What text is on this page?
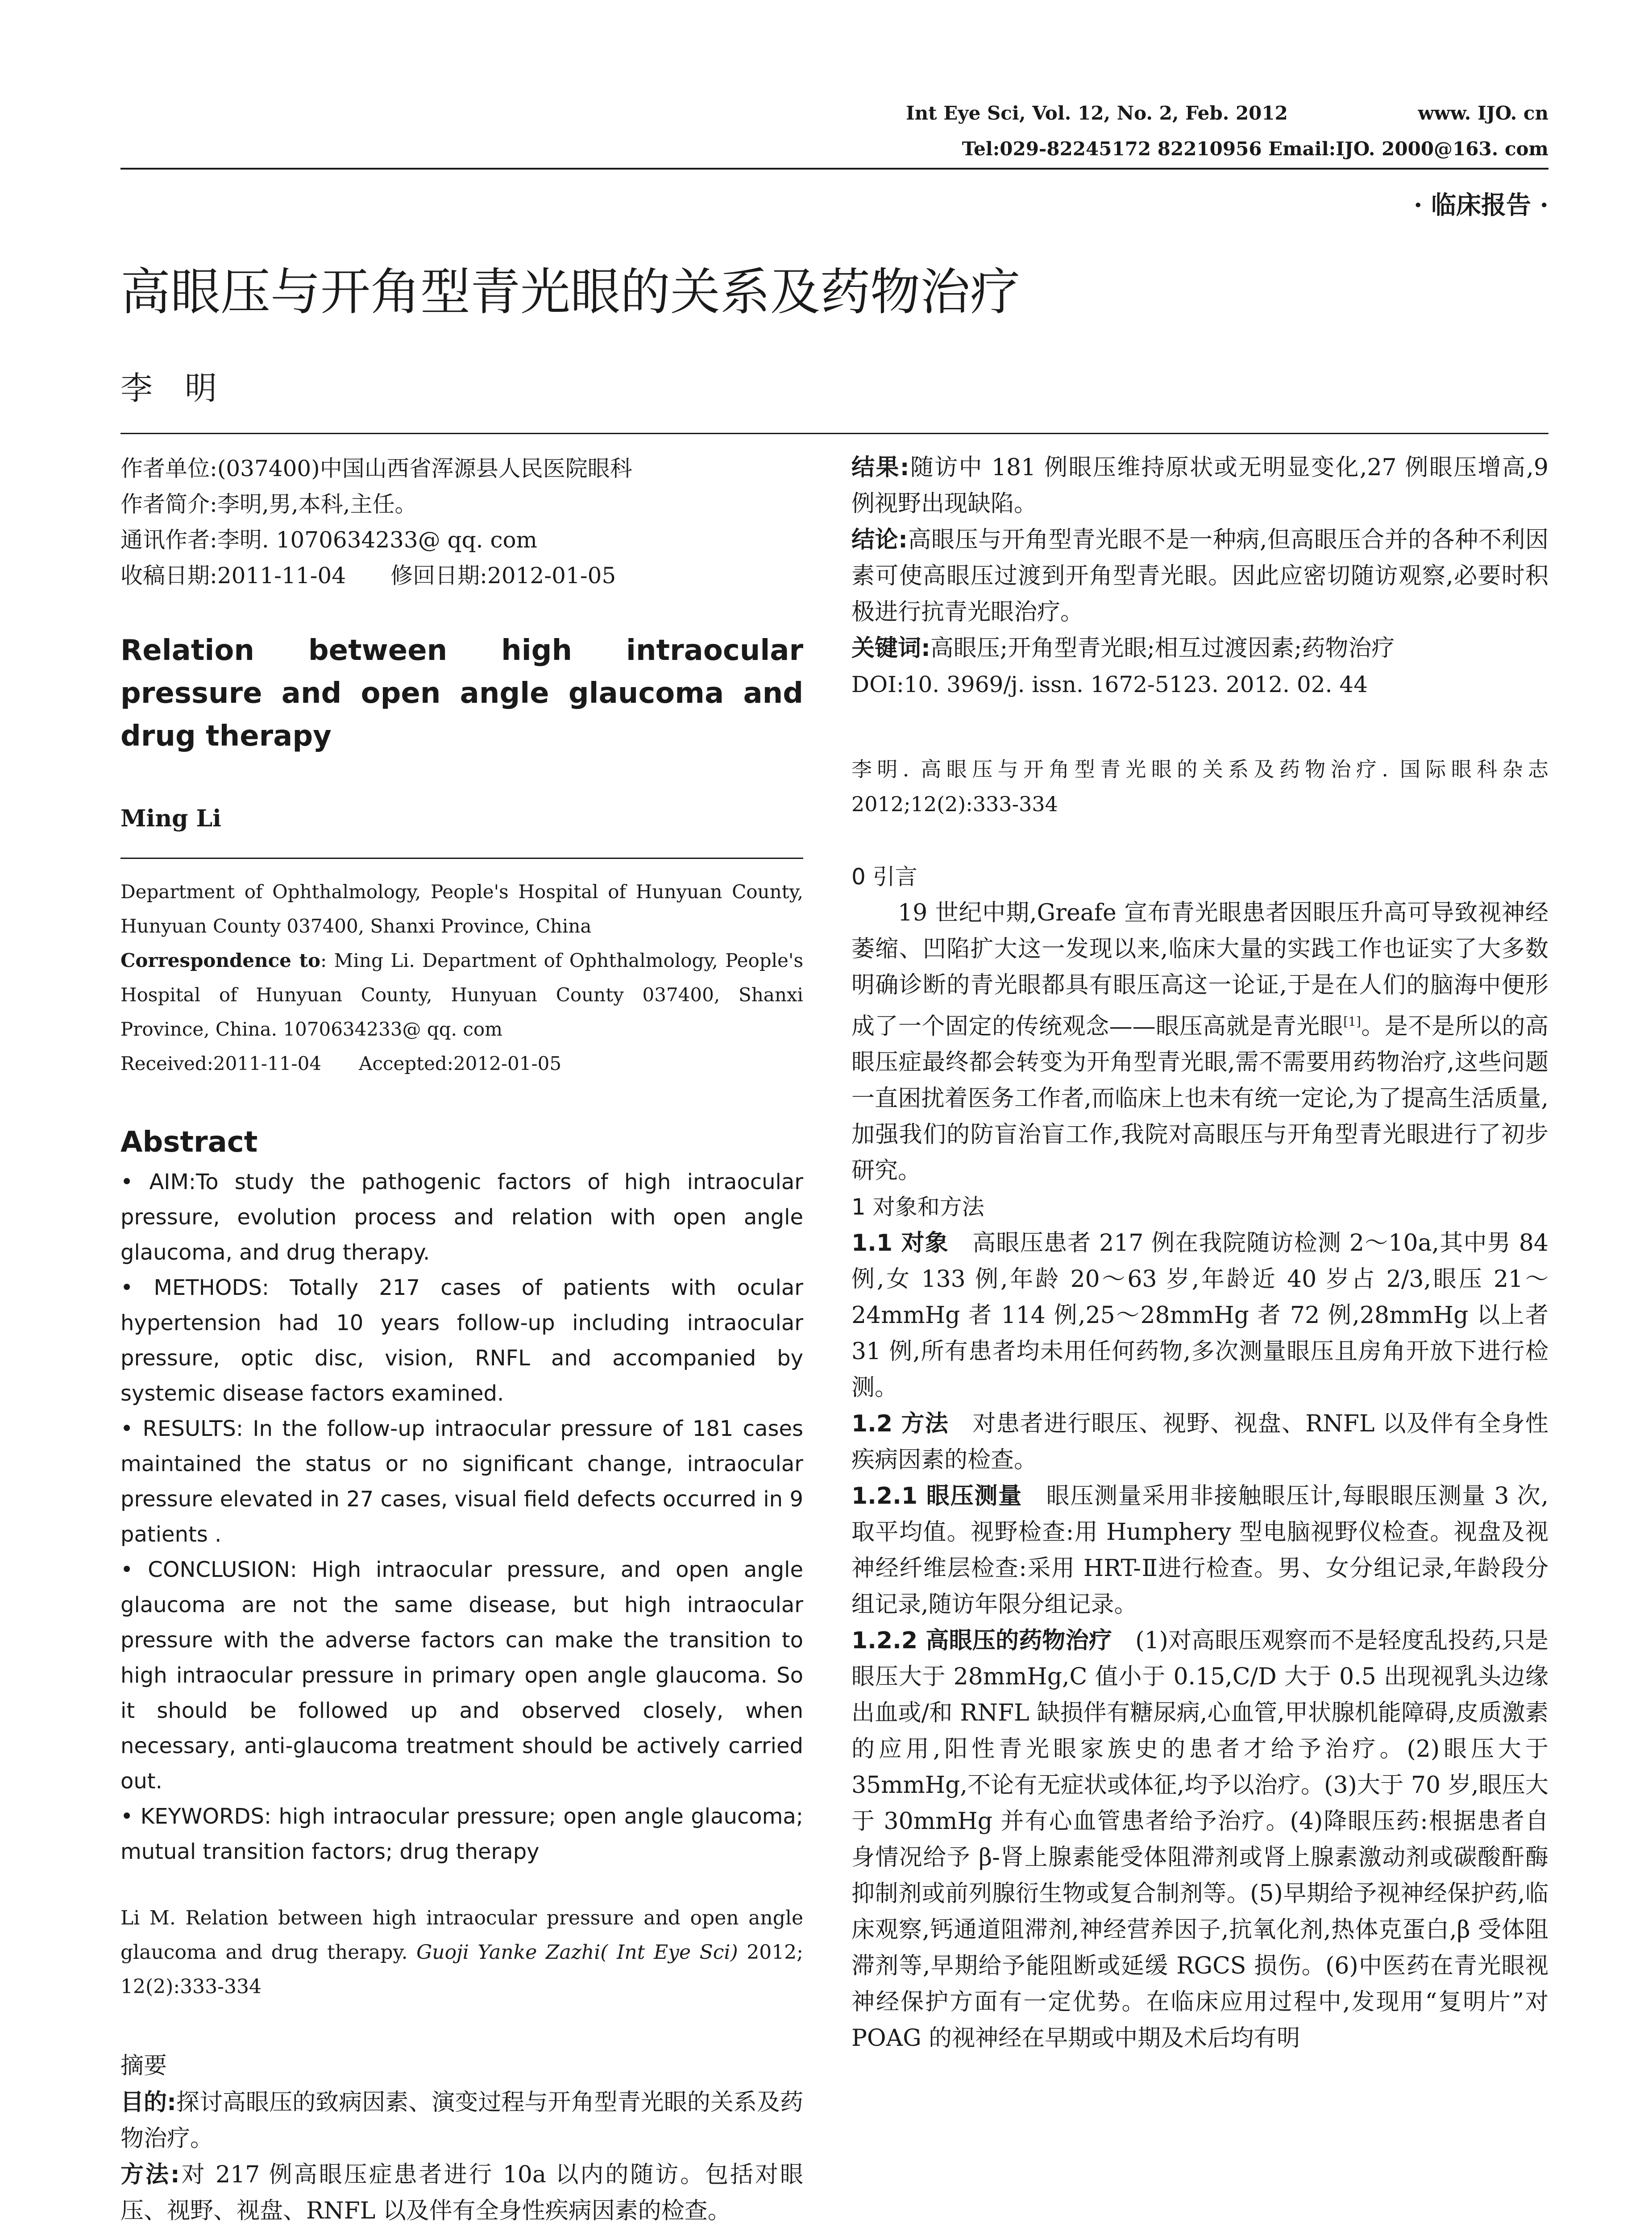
Int Eye Sci, Vol. 12, No. 2, Feb. 2012	www. IJO. cn
Tel:029-82245172 82210956 Email:IJO. 2000@163. com
· 临床报告 ·
高眼压与开角型青光眼的关系及药物治疗
李　明

作者单位:(037400)中国山西省浑源县人民医院眼科

作者简介:李明,男,本科,主任。

通讯作者:李明. 1070634233@ qq. com

收稿日期:2011-11-04　　修回日期:2012-01-05

Relation between high intraocular pressure and open angle glaucoma and drug therapy
Ming Li

Department of Ophthalmology, People's Hospital of Hunyuan County, Hunyuan County 037400, Shanxi Province, China

Correspondence to: Ming Li. Department of Ophthalmology, People's Hospital of Hunyuan County, Hunyuan County 037400, Shanxi Province, China. 1070634233@ qq. com

Received:2011-11-04　　Accepted:2012-01-05

Abstract

• AIM:To study the pathogenic factors of high intraocular pressure, evolution process and relation with open angle glaucoma, and drug therapy.

• METHODS: Totally 217 cases of patients with ocular hypertension had 10 years follow-up including intraocular pressure, optic disc, vision, RNFL and accompanied by systemic disease factors examined.

• RESULTS: In the follow-up intraocular pressure of 181 cases maintained the status or no significant change, intraocular pressure elevated in 27 cases, visual field defects occurred in 9 patients .

• CONCLUSION: High intraocular pressure, and open angle glaucoma are not the same disease, but high intraocular pressure with the adverse factors can make the transition to high intraocular pressure in primary open angle glaucoma. So it should be followed up and observed closely, when necessary, anti-glaucoma treatment should be actively carried out.

• KEYWORDS: high intraocular pressure; open angle glaucoma; mutual transition factors; drug therapy

Li M. Relation between high intraocular pressure and open angle glaucoma and drug therapy. Guoji Yanke Zazhi( Int Eye Sci) 2012; 12(2):333-334
摘要

目的:探讨高眼压的致病因素、演变过程与开角型青光眼的关系及药物治疗。

方法:对 217 例高眼压症患者进行 10a 以内的随访。包括对眼压、视野、视盘、RNFL 以及伴有全身性疾病因素的检查。

结果:随访中 181 例眼压维持原状或无明显变化,27 例眼压增高,9 例视野出现缺陷。

结论:高眼压与开角型青光眼不是一种病,但高眼压合并的各种不利因素可使高眼压过渡到开角型青光眼。因此应密切随访观察,必要时积极进行抗青光眼治疗。

关键词:高眼压;开角型青光眼;相互过渡因素;药物治疗

DOI:10. 3969/j. issn. 1672-5123. 2012. 02. 44

李明. 高眼压与开角型青光眼的关系及药物治疗. 国际眼科杂志 2012;12(2):333-334

0 引言

19 世纪中期,Greafe 宣布青光眼患者因眼压升高可导致视神经萎缩、凹陷扩大这一发现以来,临床大量的实践工作也证实了大多数明确诊断的青光眼都具有眼压高这一论证,于是在人们的脑海中便形成了一个固定的传统观念——眼压高就是青光眼[1]。是不是所以的高眼压症最终都会转变为开角型青光眼,需不需要用药物治疗,这些问题一直困扰着医务工作者,而临床上也未有统一定论,为了提高生活质量,加强我们的防盲治盲工作,我院对高眼压与开角型青光眼进行了初步研究。

1 对象和方法

1.1 对象　高眼压患者 217 例在我院随访检测 2～10a,其中男 84 例,女 133 例,年龄 20～63 岁,年龄近 40 岁占 2/3,眼压 21～24mmHg 者 114 例,25～28mmHg 者 72 例,28mmHg 以上者 31 例,所有患者均未用任何药物,多次测量眼压且房角开放下进行检测。

1.2 方法　对患者进行眼压、视野、视盘、RNFL 以及伴有全身性疾病因素的检查。

1.2.1 眼压测量　眼压测量采用非接触眼压计,每眼眼压测量 3 次,取平均值。视野检查:用 Humphery 型电脑视野仪检查。视盘及视神经纤维层检查:采用 HRT-Ⅱ进行检查。男、女分组记录,年龄段分组记录,随访年限分组记录。

1.2.2 高眼压的药物治疗　(1)对高眼压观察而不是轻度乱投药,只是眼压大于 28mmHg,C 值小于 0.15,C/D 大于 0.5 出现视乳头边缘出血或/和 RNFL 缺损伴有糖尿病,心血管,甲状腺机能障碍,皮质激素的应用,阳性青光眼家族史的患者才给予治疗。(2)眼压大于 35mmHg,不论有无症状或体征,均予以治疗。(3)大于 70 岁,眼压大于 30mmHg 并有心血管患者给予治疗。(4)降眼压药:根据患者自身情况给予 β-肾上腺素能受体阻滞剂或肾上腺素激动剂或碳酸酐酶抑制剂或前列腺衍生物或复合制剂等。(5)早期给予视神经保护药,临床观察,钙通道阻滞剂,神经营养因子,抗氧化剂,热体克蛋白,β 受体阻滞剂等,早期给予能阻断或延缓 RGCS 损伤。(6)中医药在青光眼视神经保护方面有一定优势。在临床应用过程中,发现用“复明片”对 POAG 的视神经在早期或中期及术后均有明
